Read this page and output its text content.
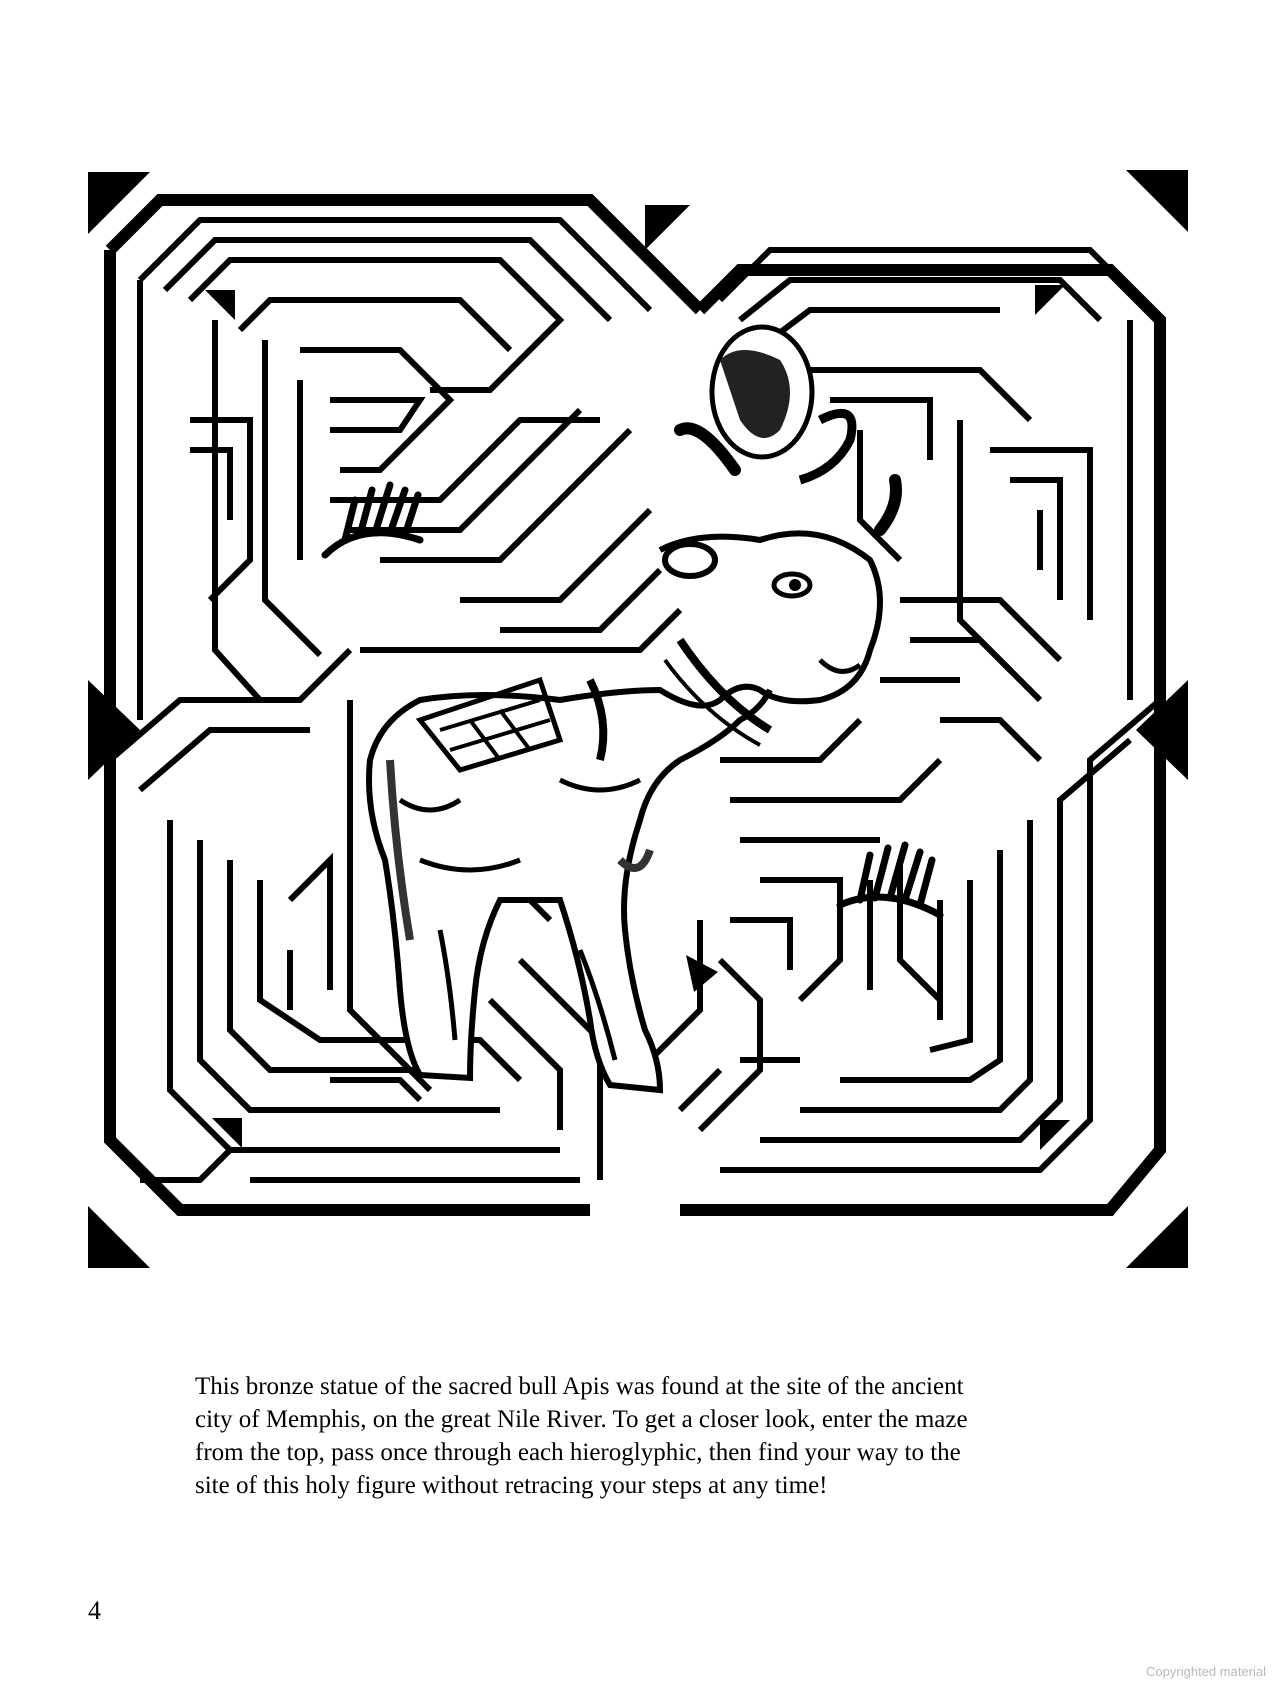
This bronze statue of the sacred bull Apis was found at the site of the ancient
city of Memphis, on the great Nile River. To get a closer look, enter the maze
from the top, pass once through each hieroglyphic, then find your way to the
site of this holy figure without retracing your steps at any time!

4
Copyrighted material
